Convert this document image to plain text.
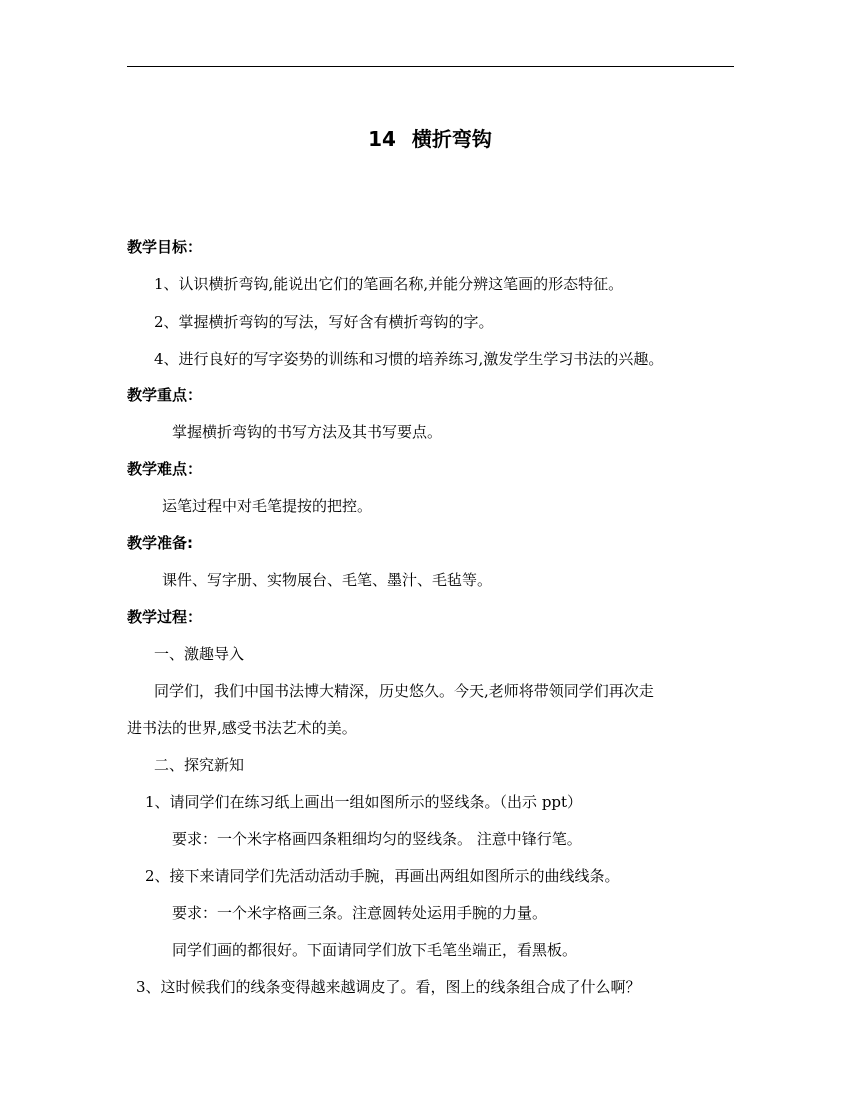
14 横折弯钩
教学目标：
1、认识横折弯钩,能说出它们的笔画名称,并能分辨这笔画的形态特征。
2、掌握横折弯钩的写法，写好含有横折弯钩的字。
4、进行良好的写字姿势的训练和习惯的培养练习,激发学生学习书法的兴趣。
教学重点：
掌握横折弯钩的书写方法及其书写要点。
教学难点：
运笔过程中对毛笔提按的把控。
教学准备:
课件、写字册、实物展台、毛笔、墨汁、毛毡等。
教学过程：
一、激趣导入
同学们，我们中国书法博大精深，历史悠久。今天,老师将带领同学们再次走
进书法的世界,感受书法艺术的美。
二、探究新知
1、请同学们在练习纸上画出一组如图所示的竖线条。（出示 ppt）
要求：一个米字格画四条粗细均匀的竖线条。 注意中锋行笔。
2、接下来请同学们先活动活动手腕，再画出两组如图所示的曲线线条。
要求：一个米字格画三条。注意圆转处运用手腕的力量。
同学们画的都很好。下面请同学们放下毛笔坐端正，看黑板。
3、这时候我们的线条变得越来越调皮了。看，图上的线条组合成了什么啊？
